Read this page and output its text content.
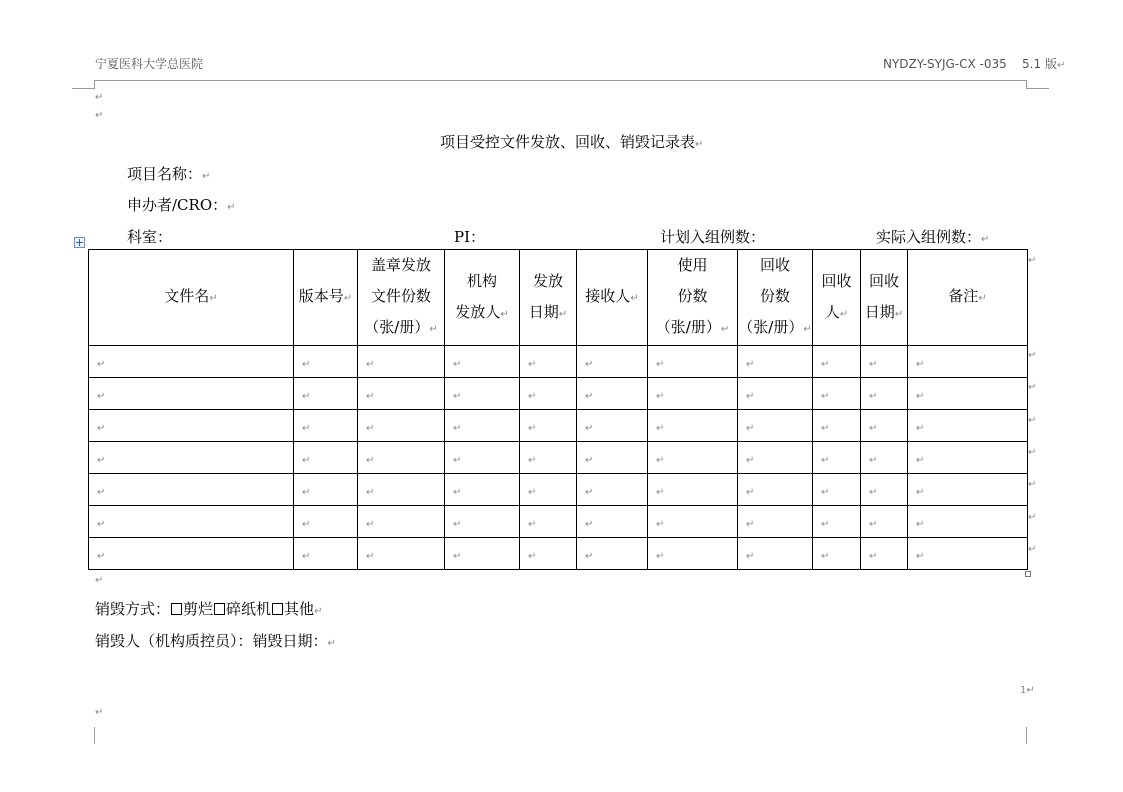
宁夏医科大学总医院	NYDZY-SYJG-CX -035 5.1 版↵
↵
↵
项目受控文件发放、回收、销毁记录表↵
项目名称：↵
申办者/CRO：↵
科室：	PI：	计划入组例数：	实际入组例数：↵
文件名↵	版本号↵	盖章发放
文件份数
（张/册）↵	机构
发放人↵	发放
日期↵	接收人↵	使用
份数
（张/册）↵	回收
份数
（张/册）↵	回收
人↵	回收
日期↵	备注↵
↵	↵	↵	↵	↵	↵	↵	↵	↵	↵	↵
↵	↵	↵	↵	↵	↵	↵	↵	↵	↵	↵
↵	↵	↵	↵	↵	↵	↵	↵	↵	↵	↵
↵	↵	↵	↵	↵	↵	↵	↵	↵	↵	↵
↵	↵	↵	↵	↵	↵	↵	↵	↵	↵	↵
↵	↵	↵	↵	↵	↵	↵	↵	↵	↵	↵
↵	↵	↵	↵	↵	↵	↵	↵	↵	↵	↵
↵
↵
↵
↵
↵
↵
↵
↵
↵
销毁方式： 剪烂 碎纸机 其他↵
销毁人（机构质控员）：销毁日期：↵
1↵
↵
